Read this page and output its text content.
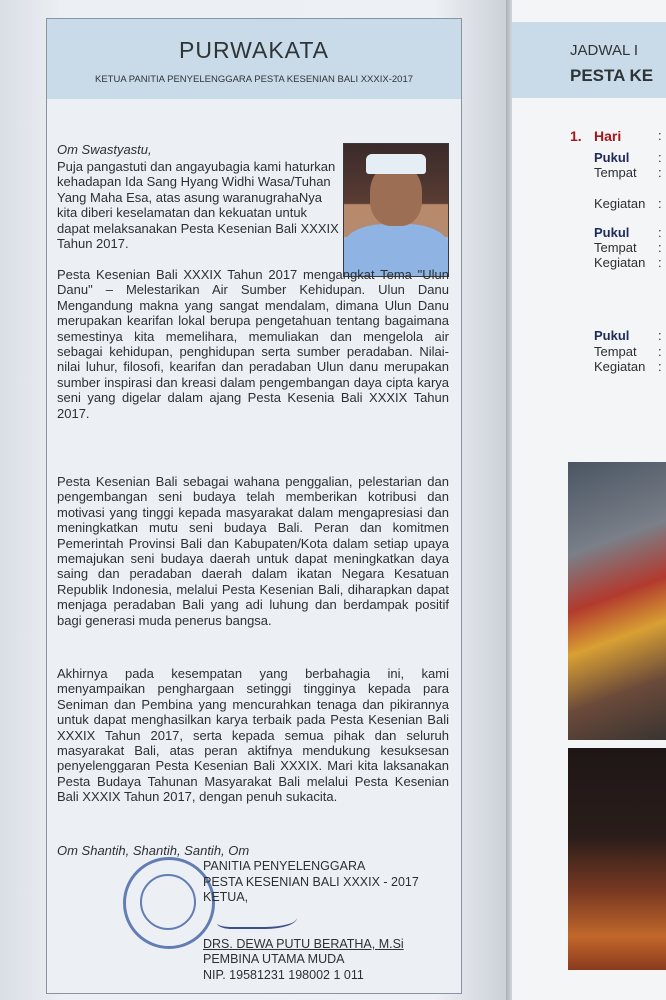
PURWAKATA
KETUA PANITIA PENYELENGGARA PESTA KESENIAN BALI XXXIX-2017
Om Swastyastu,
Puja pangastuti dan angayubagia kami haturkan kehadapan Ida Sang Hyang Widhi Wasa/Tuhan Yang Maha Esa, atas asung waranugrahaNya kita diberi keselamatan dan kekuatan untuk dapat melaksanakan Pesta Kesenian Bali XXXIX Tahun 2017.
Pesta Kesenian Bali XXXIX Tahun 2017 mengangkat Tema "Ulun Danu" – Melestarikan Air Sumber Kehidupan. Ulun Danu Mengandung makna yang sangat mendalam, dimana Ulun Danu merupakan kearifan lokal berupa pengetahuan tentang bagaimana semestinya kita memelihara, memuliakan dan mengelola air sebagai kehidupan, penghidupan serta sumber peradaban. Nilai-nilai luhur, filosofi, kearifan dan peradaban Ulun danu merupakan sumber inspirasi dan kreasi dalam pengembangan daya cipta karya seni yang digelar dalam ajang Pesta Kesenia Bali XXXIX Tahun 2017.
Pesta Kesenian Bali sebagai wahana penggalian, pelestarian dan pengembangan seni budaya telah memberikan kotribusi dan motivasi yang tinggi kepada masyarakat dalam mengapresiasi dan meningkatkan mutu seni budaya Bali. Peran dan komitmen Pemerintah Provinsi Bali dan Kabupaten/Kota dalam setiap upaya memajukan seni budaya daerah untuk dapat meningkatkan daya saing dan peradaban daerah dalam ikatan Negara Kesatuan Republik Indonesia, melalui Pesta Kesenian Bali, diharapkan dapat menjaga peradaban Bali yang adi luhung dan berdampak positif bagi generasi muda penerus bangsa.
Akhirnya pada kesempatan yang berbahagia ini, kami menyampaikan penghargaan setinggi tingginya kepada para Seniman dan Pembina yang mencurahkan tenaga dan pikirannya untuk dapat menghasilkan karya terbaik pada Pesta Kesenian Bali XXXIX Tahun 2017, serta kepada semua pihak dan seluruh masyarakat Bali, atas peran aktifnya mendukung kesuksesan penyelenggaran Pesta Kesenian Bali XXXIX. Mari kita laksanakan Pesta Budaya Tahunan Masyarakat Bali melalui Pesta Kesenian Bali XXXIX Tahun 2017, dengan penuh sukacita.
Om Shantih, Shantih, Santih, Om
PANITIA PENYELENGGARA
PESTA KESENIAN BALI XXXIX - 2017
KETUA,
DRS. DEWA PUTU BERATHA, M.Si
PEMBINA UTAMA MUDA
NIP. 19581231 198002 1 011
JADWAL I
PESTA KE
1. Hari	:
Pukul :
Tempat :
Kegiatan :
Pukul :
Tempat :
Kegiatan :
Pukul :
Tempat :
Kegiatan :
